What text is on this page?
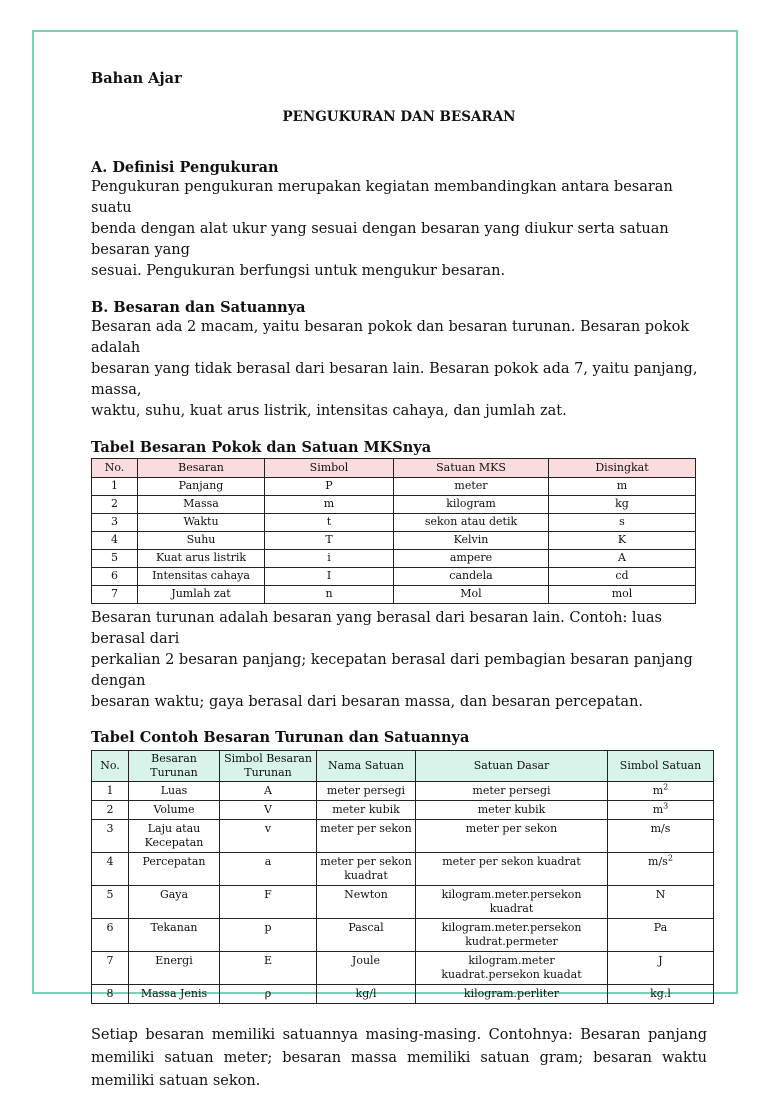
Bahan Ajar

PENGUKURAN DAN BESARAN

A. Definisi Pengukuran

Pengukuran pengukuran merupakan kegiatan membandingkan antara besaran suatu

benda dengan alat ukur yang sesuai dengan besaran yang diukur serta satuan besaran yang

sesuai. Pengukuran berfungsi untuk mengukur besaran.

B. Besaran dan Satuannya

Besaran ada 2 macam, yaitu besaran pokok dan besaran turunan. Besaran pokok adalah

besaran yang tidak berasal dari besaran lain. Besaran pokok ada 7, yaitu panjang, massa,

waktu, suhu, kuat arus listrik, intensitas cahaya, dan jumlah zat.

Tabel Besaran Pokok dan Satuan MKSnya

No.	Besaran	Simbol	Satuan MKS	Disingkat
1	Panjang	P	meter	m
2	Massa	m	kilogram	kg
3	Waktu	t	sekon atau detik	s
4	Suhu	T	Kelvin	K
5	Kuat arus listrik	i	ampere	A
6	Intensitas cahaya	I	candela	cd
7	Jumlah zat	n	Mol	mol

Besaran turunan adalah besaran yang berasal dari besaran lain. Contoh: luas berasal dari

perkalian 2 besaran panjang; kecepatan berasal dari pembagian besaran panjang dengan

besaran waktu; gaya berasal dari besaran massa, dan besaran percepatan.

Tabel Contoh Besaran Turunan dan Satuannya

No.	Besaran Turunan	Simbol Besaran Turunan	Nama Satuan	Satuan Dasar	Simbol Satuan
1	Luas	A	meter persegi	meter persegi	$m^2$
2	Volume	V	meter kubik	meter kubik	$m^3$
3	Laju atau Kecepatan	v	meter per sekon	meter per sekon	m/s
4	Percepatan	a	meter per sekon kuadrat	meter per sekon kuadrat	$m/s^2$
5	Gaya	F	Newton	kilogram.meter.persekon kuadrat	N
6	Tekanan	p	Pascal	kilogram.meter.persekon kudrat.permeter	Pa
7	Energi	E	Joule	kilogram.meter kuadrat.persekon kuadat	J
8	Massa Jenis	ρ	kg/l	kilogram.perliter	kg.l

Setiap besaran memiliki satuannya masing-masing. Contohnya: Besaran panjang memiliki satuan meter; besaran massa memiliki satuan gram; besaran waktu memiliki satuan sekon.
